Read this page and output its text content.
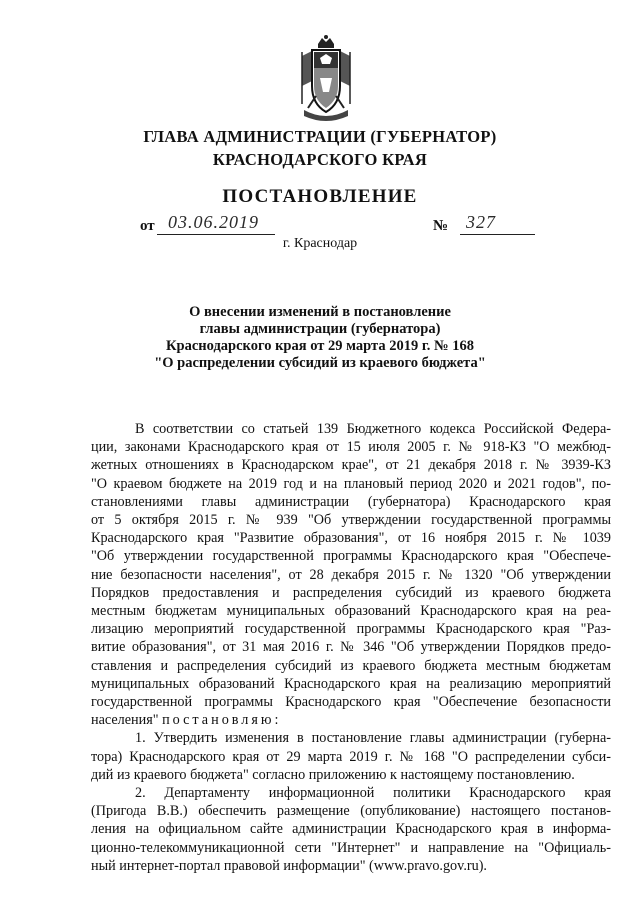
ГЛАВА АДМИНИСТРАЦИИ (ГУБЕРНАТОР)
КРАСНОДАРСКОГО КРАЯ
ПОСТАНОВЛЕНИЕ
от 03.06.2019	№ 327
г. Краснодар
О внесении изменений в постановление
главы администрации (губернатора)
Краснодарского края от 29 марта 2019 г. № 168
"О распределении субсидий из краевого бюджета"
В соответствии со статьей 139 Бюджетного кодекса Российской Федера-
ции, законами Краснодарского края от 15 июля 2005 г. № 918-КЗ "О межбюд-
жетных отношениях в Краснодарском крае", от 21 декабря 2018 г. № 3939-КЗ
"О краевом бюджете на 2019 год и на плановый период 2020 и 2021 годов", по-
становлениями главы администрации (губернатора) Краснодарского края
от 5 октября 2015 г. № 939 "Об утверждении государственной программы
Краснодарского края "Развитие образования", от 16 ноября 2015 г. № 1039
"Об утверждении государственной программы Краснодарского края "Обеспече-
ние безопасности населения", от 28 декабря 2015 г. № 1320 "Об утверждении
Порядков предоставления и распределения субсидий из краевого бюджета
местным бюджетам муниципальных образований Краснодарского края на реа-
лизацию мероприятий государственной программы Краснодарского края "Раз-
витие образования", от 31 мая 2016 г. № 346 "Об утверждении Порядков предо-
ставления и распределения субсидий из краевого бюджета местным бюджетам
муниципальных образований Краснодарского края на реализацию мероприятий
государственной программы Краснодарского края "Обеспечение безопасности
населения" постановляю:
1. Утвердить изменения в постановление главы администрации (губерна-
тора) Краснодарского края от 29 марта 2019 г. № 168 "О распределении субси-
дий из краевого бюджета" согласно приложению к настоящему постановлению.
2. Департаменту информационной политики Краснодарского края
(Пригода В.В.) обеспечить размещение (опубликование) настоящего постанов-
ления на официальном сайте администрации Краснодарского края в информа-
ционно-телекоммуникационной сети "Интернет" и направление на "Официаль-
ный интернет-портал правовой информации" (www.pravo.gov.ru).
